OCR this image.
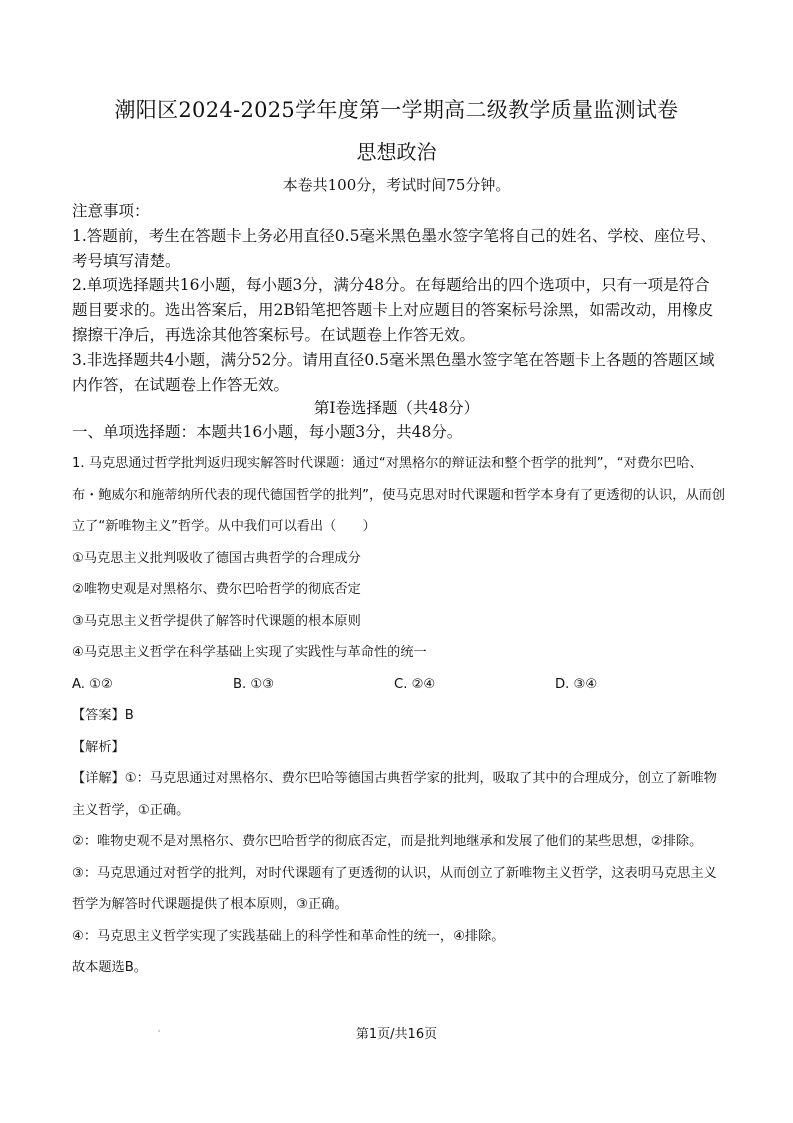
潮阳区2024-2025学年度第一学期高二级教学质量监测试卷
思想政治
本卷共100分，考试时间75分钟。

注意事项：

1.答题前，考生在答题卡上务必用直径0.5毫米黑色墨水签字笔将自己的姓名、学校、座位号、考号填写清楚。

2.单项选择题共16小题，每小题3分，满分48分。在每题给出的四个选项中，只有一项是符合题目要求的。选出答案后，用2B铅笔把答题卡上对应题目的答案标号涂黑，如需改动，用橡皮擦擦干净后，再选涂其他答案标号。在试题卷上作答无效。

3.非选择题共4小题，满分52分。请用直径0.5毫米黑色墨水签字笔在答题卡上各题的答题区域内作答，在试题卷上作答无效。

第Ⅰ卷选择题（共48分）
一、单项选择题：本题共16小题，每小题3分，共48分。

1. 马克思通过哲学批判返归现实解答时代课题：通过“对黑格尔的辩证法和整个哲学的批判”，“对费尔巴哈、布・鲍威尔和施蒂纳所代表的现代德国哲学的批判”，使马克思对时代课题和哲学本身有了更透彻的认识，从而创立了“新唯物主义”哲学。从中我们可以看出（　　）

①马克思主义批判吸收了德国古典哲学的合理成分

②唯物史观是对黑格尔、费尔巴哈哲学的彻底否定

③马克思主义哲学提供了解答时代课题的根本原则

④马克思主义哲学在科学基础上实现了实践性与革命性的统一

A. ①②	B. ①③	C. ②④	D. ③④

【答案】B

【解析】

【详解】①：马克思通过对黑格尔、费尔巴哈等德国古典哲学家的批判，吸取了其中的合理成分，创立了新唯物主义哲学，①正确。

②：唯物史观不是对黑格尔、费尔巴哈哲学的彻底否定，而是批判地继承和发展了他们的某些思想，②排除。

③：马克思通过对哲学的批判，对时代课题有了更透彻的认识，从而创立了新唯物主义哲学，这表明马克思主义哲学为解答时代课题提供了根本原则，③正确。

④：马克思主义哲学实现了实践基础上的科学性和革命性的统一，④排除。

故本题选B。

第1页/共16页
